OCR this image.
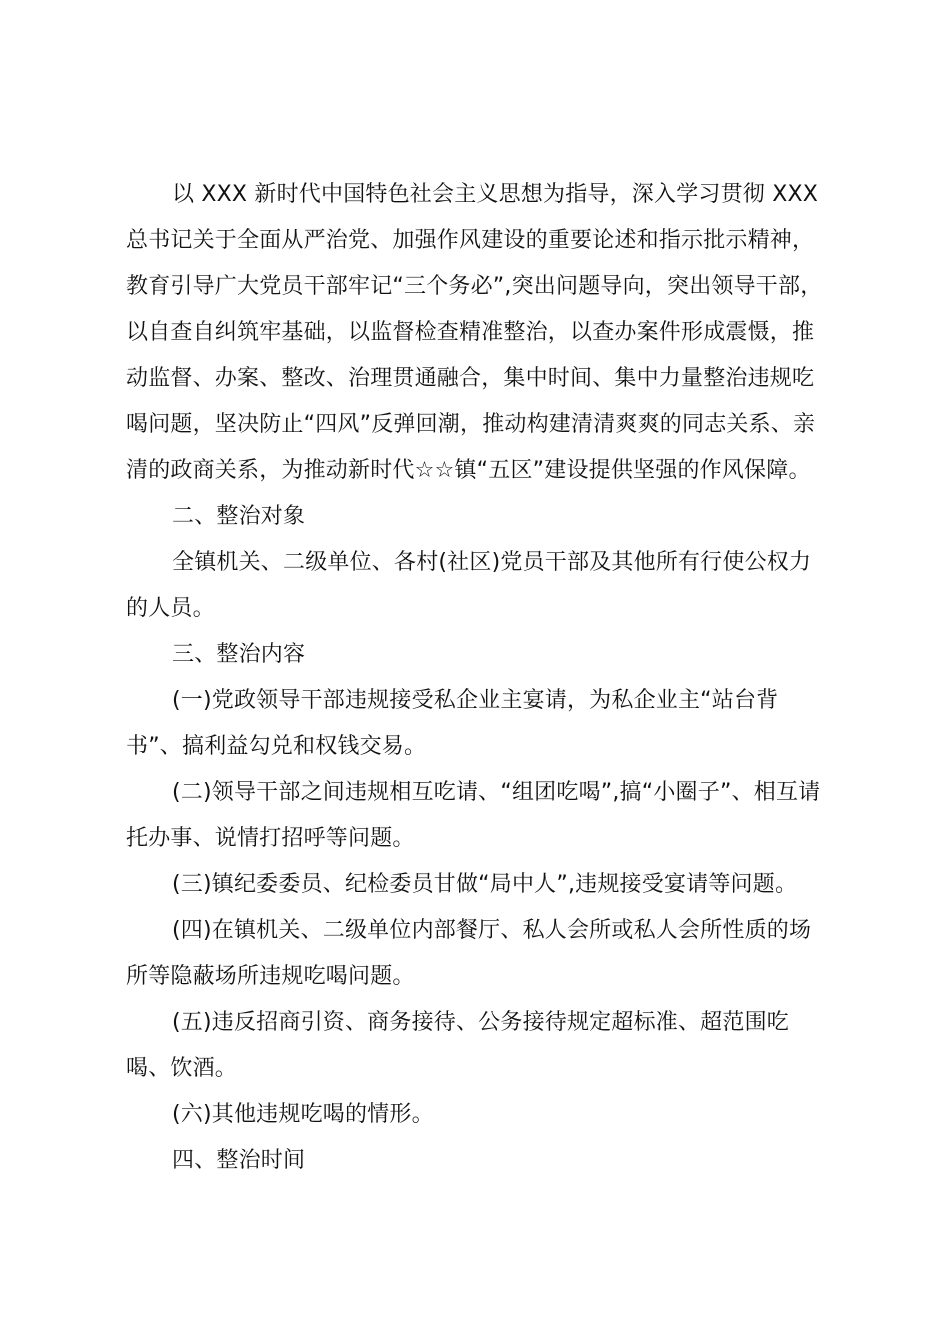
以 XXX 新时代中国特色社会主义思想为指导，深入学习贯彻 XXX
总书记关于全面从严治党、加强作风建设的重要论述和指示批示精神，
教育引导广大党员干部牢记“三个务必”,突出问题导向，突出领导干部，
以自查自纠筑牢基础，以监督检查精准整治，以查办案件形成震慑，推
动监督、办案、整改、治理贯通融合，集中时间、集中力量整治违规吃
喝问题，坚决防止“四风”反弹回潮，推动构建清清爽爽的同志关系、亲
清的政商关系，为推动新时代☆☆镇“五区”建设提供坚强的作风保障。
二、整治对象
全镇机关、二级单位、各村(社区)党员干部及其他所有行使公权力
的人员。
三、整治内容
(一)党政领导干部违规接受私企业主宴请，为私企业主“站台背
书”、搞利益勾兑和权钱交易。
(二)领导干部之间违规相互吃请、“组团吃喝”,搞“小圈子”、相互请
托办事、说情打招呼等问题。
(三)镇纪委委员、纪检委员甘做“局中人”,违规接受宴请等问题。
(四)在镇机关、二级单位内部餐厅、私人会所或私人会所性质的场
所等隐蔽场所违规吃喝问题。
(五)违反招商引资、商务接待、公务接待规定超标准、超范围吃
喝、饮酒。
(六)其他违规吃喝的情形。
四、整治时间
